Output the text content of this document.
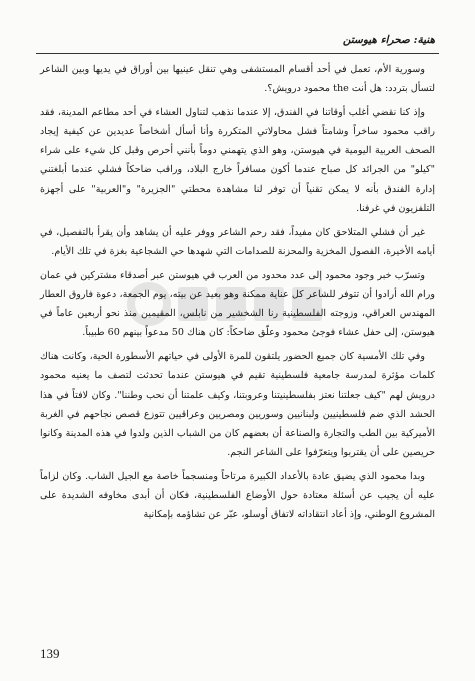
هنية: صحراء هيوستن

وسورية الأم، تعمل في أحد أقسام المستشفى وهي تنقل عينيها بين أوراق في يديها وبين الشاعر لتسأل بتردد: هل أنت the محمود درويش؟.

وإذ كنا نقضي أغلب أوقاتنا في الفندق، إلا عندما نذهب لتناول العشاء في أحد مطاعم المدينة، فقد راقب محمود ساخراً وشامتاً فشل محاولاتي المتكررة وأنا أسأل أشخاصاً عديدين عن كيفية إيجاد الصحف العربية اليومية في هيوستن، وهو الذي يتهمني دوماً بأنني أحرص وقبل كل شيء على شراء "كيلو" من الجرائد كل صباح عندما أكون مسافراً خارج البلاد، وراقب ضاحكاً فشلي عندما أبلغتني إدارة الفندق بأنه لا يمكن تقنياً أن توفر لنا مشاهدة محطتي "الجزيرة" و"العربية" على أجهزة التلفزيون في غرفنا.

غير أن فشلي المتلاحق كان مفيداً، فقد رحم الشاعر ووفر عليه أن يشاهد وأن يقرأ بالتفصيل، في أيامه الأخيرة، الفصول المخزية والمحزنة للصدامات التي شهدها حي الشجاعية بغزة في تلك الأيام.

وتسرّب خبر وجود محمود إلى عدد محدود من العرب في هيوستن عبر أصدقاء مشتركين في عمان ورام الله أرادوا أن تتوفر للشاعر كل عناية ممكنة وهو بعيد عن بيته، يوم الجمعة، دعوة فاروق العطار المهندس العراقي، وزوجته الفلسطينية رنا الشخشير من نابلس، المقيمين منذ نحو أربعين عاماً في هيوستن، إلى حفل عشاء فوجئ محمود وعلّق ضاحكاً: كان هناك 50 مدعواً بينهم 60 طبيباً.

وفي تلك الأمسية كان جميع الحضور يلتقون للمرة الأولى في حياتهم الأسطورة الحية، وكانت هناك كلمات مؤثرة لمدرسة جامعية فلسطينية تقيم في هيوستن عندما تحدثت لتصف ما يعنيه محمود درويش لهم "كيف جعلتنا نعتز بفلسطينيتنا وعروبتنا، وكيف علمتنا أن نحب وطننا". وكان لافتاً في هذا الحشد الذي ضم فلسطينيين ولبنانيين وسوريين ومصريين وعراقيين تتوزع قصص نجاحهم في الغربة الأميركية بين الطب والتجارة والصناعة أن بعضهم كان من الشباب الذين ولدوا في هذه المدينة وكانوا حريصين على أن يقتربوا ويتعرّفوا على الشاعر النجم.

وبدا محمود الذي يضيق عادة بالأعداد الكبيرة مرتاحاً ومنسجماً خاصة مع الجيل الشاب. وكان لزاماً عليه أن يجيب عن أسئلة معتادة حول الأوضاع الفلسطينية، فكان أن أبدى مخاوفه الشديدة على المشروع الوطني، وإذ أعاد انتقاداته لاتفاق أوسلو، عبّر عن تشاؤمه بإمكانية

139
